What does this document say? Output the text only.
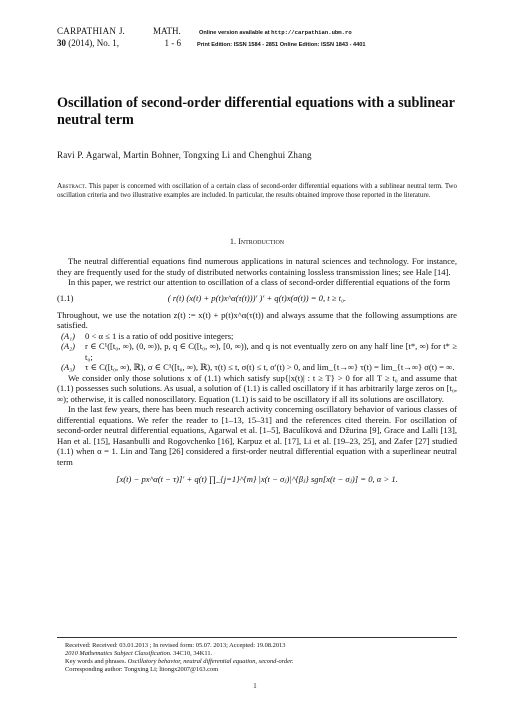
CARPATHIAN J.	MATH.	Online version available at http://carpathian.ubm.ro
30 (2014), No. 1,	1 - 6	Print Edition: ISSN 1584 - 2851 Online Edition: ISSN 1843 - 4401
Oscillation of second-order differential equations with a sublinear neutral term
Ravi P. Agarwal, Martin Bohner, Tongxing Li and Chenghui Zhang

Abstract. This paper is concerned with oscillation of a certain class of second-order differential equations with a sublinear neutral term. Two oscillation criteria and two illustrative examples are included. In particular, the results obtained improve those reported in the literature.

1. Introduction

The neutral differential equations find numerous applications in natural sciences and technology. For instance, they are frequently used for the study of distributed networks containing lossless transmission lines; see Hale [14].

In this paper, we restrict our attention to oscillation of a class of second-order differential equations of the form

(1.1)	( r(t) (x(t) + p(t)x^α(τ(t)))′ )′ + q(t)x(σ(t)) = 0, t ≥ t₀.

Throughout, we use the notation z(t) := x(t) + p(t)x^α(τ(t)) and always assume that the following assumptions are satisfied.

(A₁)	0 < α ≤ 1 is a ratio of odd positive integers;
(A₂)	r ∈ C¹([t₀, ∞), (0, ∞)), p, q ∈ C([t₀, ∞), [0, ∞)), and q is not eventually zero on any half line [t*, ∞) for t* ≥ t₀;
(A₃)	τ ∈ C([t₀, ∞), ℝ), σ ∈ C¹([t₀, ∞), ℝ), τ(t) ≤ t, σ(t) ≤ t, σ′(t) > 0, and lim_{t→∞} τ(t) = lim_{t→∞} σ(t) = ∞.

We consider only those solutions x of (1.1) which satisfy sup{|x(t)| : t ≥ T} > 0 for all T ≥ t₀ and assume that (1.1) possesses such solutions. As usual, a solution of (1.1) is called oscillatory if it has arbitrarily large zeros on [t₀, ∞); otherwise, it is called nonoscillatory. Equation (1.1) is said to be oscillatory if all its solutions are oscillatory.

In the last few years, there has been much research activity concerning oscillatory behavior of various classes of differential equations. We refer the reader to [1–13, 15–31] and the references cited therein. For oscillation of second-order neutral differential equations, Agarwal et al. [1–5], Baculíková and Džurina [9], Grace and Lalli [13], Han et al. [15], Hasanbulli and Rogovchenko [16], Karpuz et al. [17], Li et al. [19–23, 25], and Zafer [27] studied (1.1) when α = 1. Lin and Tang [26] considered a first-order neutral differential equation with a superlinear neutral term

[x(t) − px^α(t − τ)]′ + q(t) ∏_{j=1}^{m} |x(t − σⱼ)|^{βⱼ} sgn[x(t − σⱼ)] = 0, α > 1.

Received: Received: 03.01.2013 ; In revised form: 05.07. 2013; Accepted: 19.08.2013

2010 Mathematics Subject Classification. 34C10, 34K11.

Key words and phrases. Oscillatory behavior, neutral differential equation, second-order.

Corresponding author: Tongxing Li; litongx2007@163.com

1
